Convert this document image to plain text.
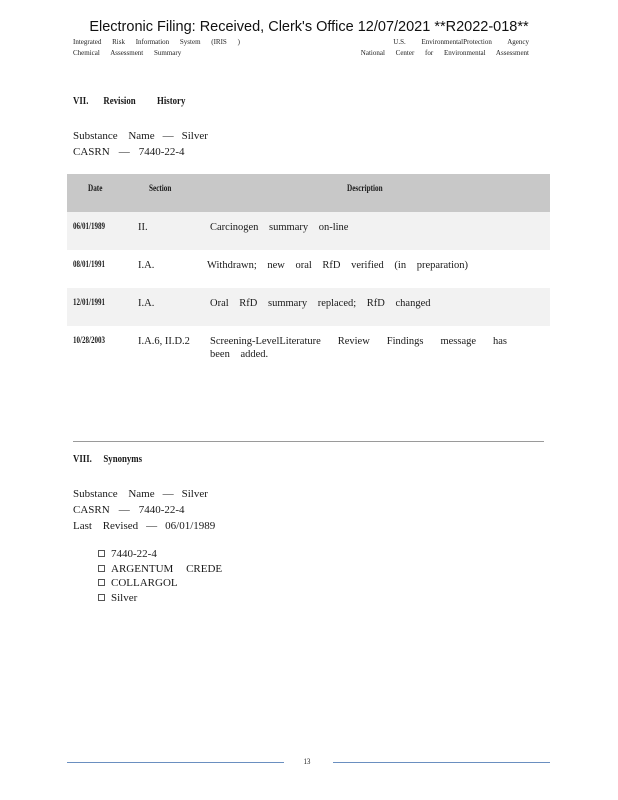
Electronic Filing: Received, Clerk's Office 12/07/2021 **R2022-018**
Integrated Risk Information System (IRIS )
Chemical Assessment Summary
U.S. EnvironmentalProtection Agency
National Center for Environmental Assessment
VII. Revision History
Substance Name — Silver
CASRN — 7440-22-4
Date	Section	Description
06/01/1989	II.	Carcinogen summary on-line
08/01/1991	I.A.	Withdrawn; new oral RfD verified (in preparation)
12/01/1991	I.A.	Oral RfD summary replaced; RfD changed
10/28/2003	I.A.6, II.D.2	Screening-LevelLiterature Review Findings message has been added.
VIII. Synonyms
Substance Name — Silver
CASRN — 7440-22-4
Last Revised — 06/01/1989
7440-22-4
ARGENTUM CREDE
COLLARGOL
Silver
13
